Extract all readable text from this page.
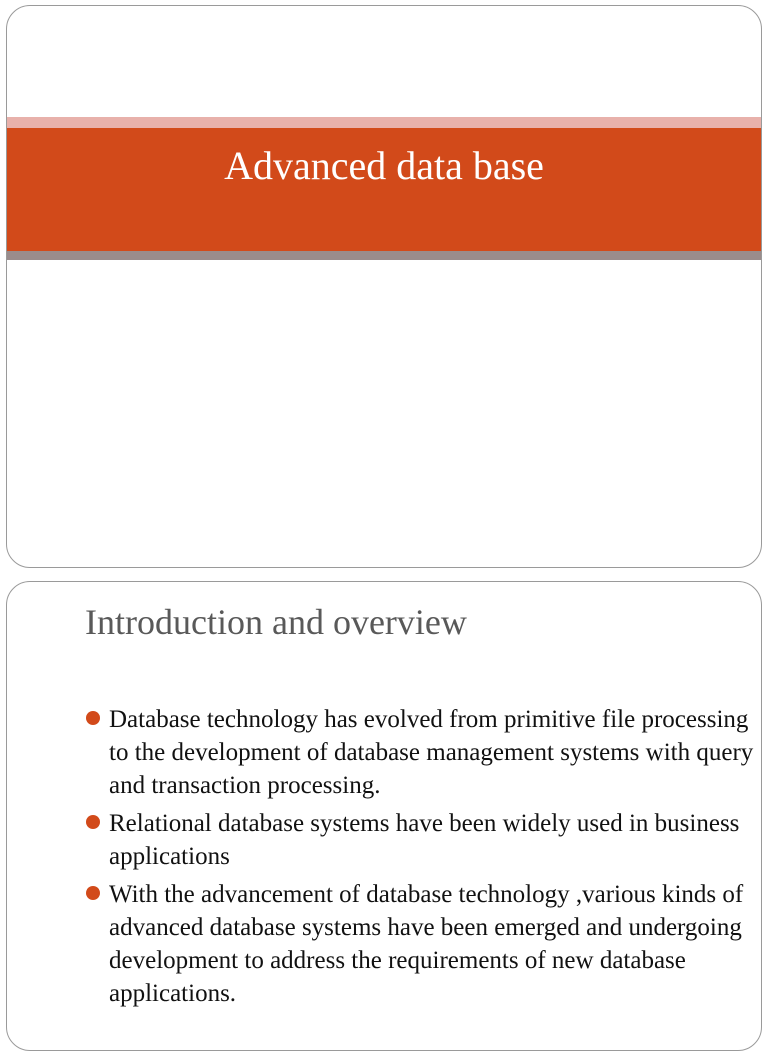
Advanced data base
Introduction and overview
Database technology has evolved from primitive file processing to the development of database management systems with query and transaction processing.
Relational database systems have been widely used in business applications
With the advancement of database technology ,various kinds of advanced database systems have been emerged and undergoing development to address the requirements of new database applications.
